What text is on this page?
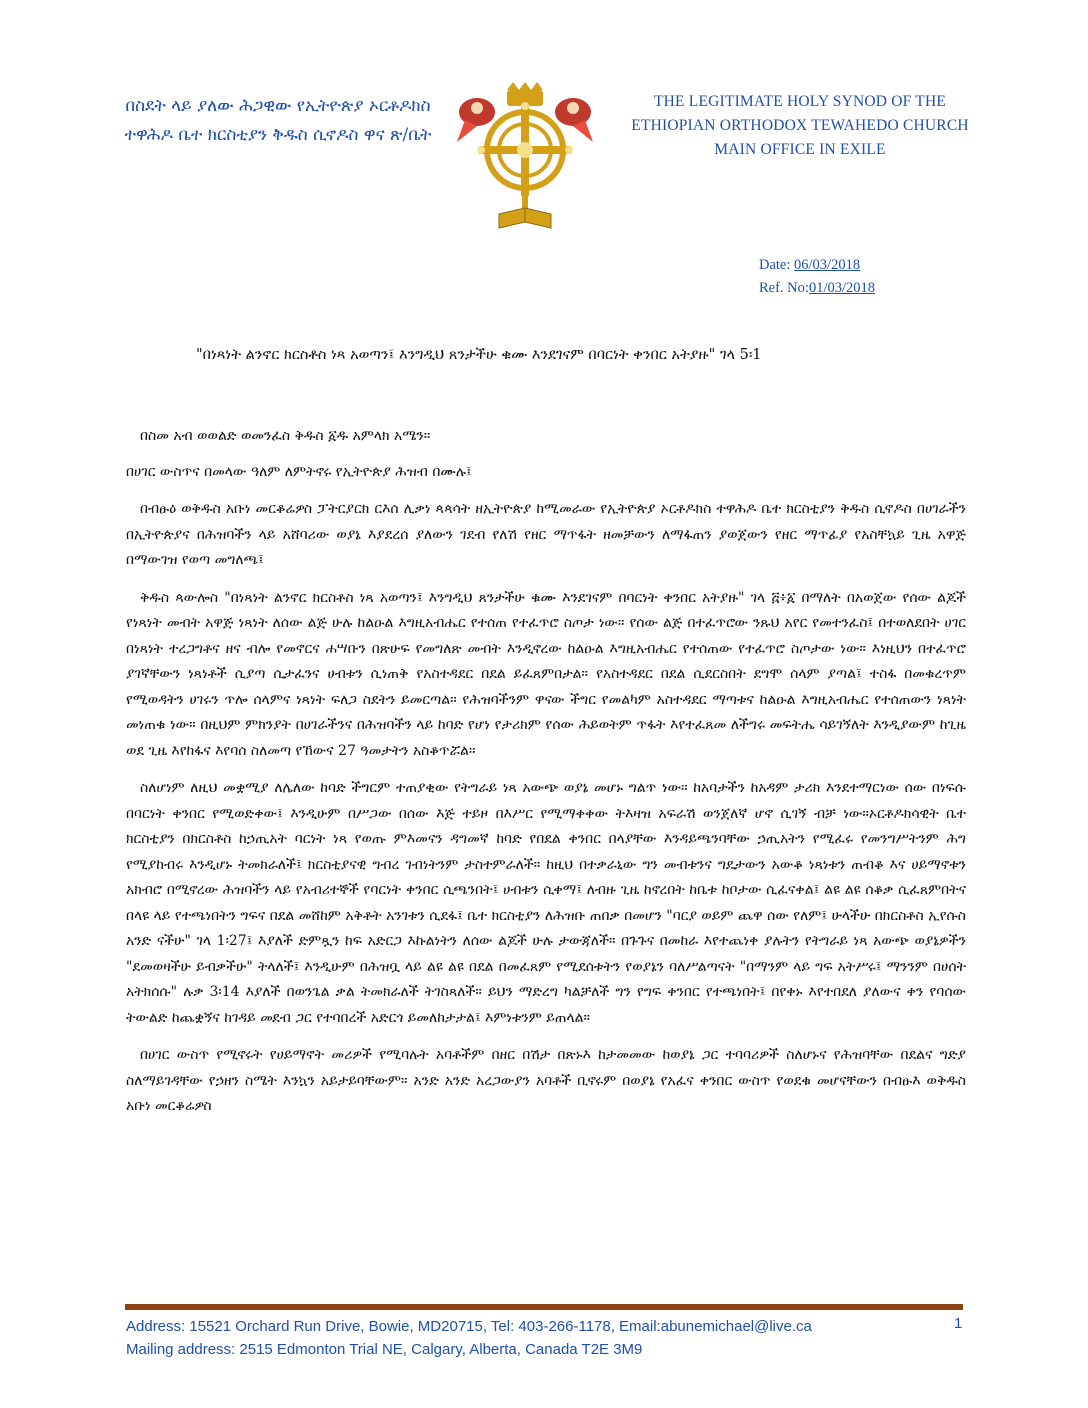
በስደት ላይ ያለው ሕጋዊው የኢትዮጵያ ኦርቶዶክስ
ተዋሕዶ ቤተ ክርስቲያን ቅዱስ ሲኖዶስ ዋና ጽ/ቤት
THE LEGITIMATE HOLY SYNOD OF THE
ETHIOPIAN ORTHODOX TEWAHEDO CHURCH
MAIN OFFICE IN EXILE
Date: 06/03/2018
Ref. No:01/03/2018
"በነጻነት ልንኖር ክርስቶስ ነጻ አወጣን፤ እንግዲህ ጸንታችሁ ቁሙ እንደገናም በባርነት ቀንበር አትያዙ" ገላ 5፡1

በስመ አብ ወወልድ ወመንፈስ ቅዱስ ፩ዱ አምላክ አሜን።

በሀገር ውስጥና በመላው ዓለም ለምትኖሩ የኢትዮጵያ ሕዝብ በሙሉ፤

በብፁዕ ወቅዱስ አቡነ መርቆሬዎስ ፓትርያርክ ርእሰ ሊቃነ ጳጳሳት ዘኢትዮጵያ ከሚመራው የኢትዮጵያ ኦርቶዶክስ ተዋሕዶ ቤተ ክርስቲያን ቅዱስ ሲኖዶስ በሀገራችን በኢትዮጵያና በሕዝባችን ላይ አሸባሪው ወያኔ እያደረሰ ያለውን ገደብ የለሽ የዘር ማጥፋት ዘመቻውን ለማፋጠን ያወጀውን የዘር ማጥፊያ የአስቸኳይ ጊዜ አዋጅ በማውገዝ የወጣ መግለጫ፤

ቅዱስ ጳውሎስ "በነጻነት ልንኖር ክርስቶስ ነጻ አወጣን፤ እንግዲህ ጸንታችሁ ቁሙ እንደገናም በባርነት ቀንበር አትያዙ" ገላ ፭፥፩ በማለት በአወጀው የሰው ልጆች የነጻነት መብት አዋጅ ነጻነት ለሰው ልጅ ሁሉ ከልዑል እግዚአብሔር የተሰጠ የተፈጥሮ ስጦታ ነው። የሰው ልጅ በተፈጥሮው ንጹህ አየር የመተንፈስ፤ በተወለደበት ሀገር በነጻነት ተረጋግቶና ዘና ብሎ የመኖርና ሐሣቡን በጽሁፍ የመግለጽ መብት እንዲኖረው ከልዑል እግዚአብሔር የተሰጠው የተፈጥሮ ስጦታው ነው። እነዚህን በተፈጥሮ ያገኛቸውን ነጻነቶች ሲያጣ ሲታፈንና ሀብቱን ሲነጠቅ የአስተዳደር በደል ይፈጸምበታል። የአስተዳደር በደል ሲደርስበት ደግሞ ሰላም ያጣል፤ ተስፋ በመቁረጥም የሚወዳትን ሀገሩን ጥሎ ሰላምና ነጻነት ፍለጋ ስደትን ይመርጣል። የሕዝባችንም ዋናው ችግር የመልካም አስተዳደር ማጣቱና ከልዑል እግዚአብሔር የተሰጠውን ነጻነት መነጠቁ ነው። በዚህም ምክንያት በሀገራችንና በሕዝባችን ላይ ከባድ የሆነ የታሪክም የሰው ሕይወትም ጥፋት እየተፈጸመ ለችግሩ መፍትሔ ሳይገኝለት እንዲያውም ከጊዜ ወደ ጊዜ እየከፋና እየባሰ ስለመጣ የኸውና 27 ዓመታትን አስቆጥሯል።

ስለሆነም ለዚህ መቋሚያ ለሌለው ከባድ ችግርም ተጠያቂው የትግራይ ነጻ አውጭ ወያኔ መሆኑ ግልጥ ነው። ከአባታችን ከአዳም ታሪክ እንደተማርነው ሰው በነፍሱ በባርነት ቀንበር የሚወድቀው፤ እንዲሁም በሥጋው በሰው እጅ ተይዞ በእሥር የሚማቀቀው ትእዛዝ አፍራሽ ወንጀለኛ ሆኖ ሲገኝ ብቻ ነው።ኦርቶዶክሳዊት ቤተ ክርስቲያን በክርስቶስ ከኃጢአት ባርነት ነጻ የወጡ ምእመናን ዳግመኛ ከባድ የበደል ቀንበር በላያቸው እንዳይጫንባቸው ኃጢአትን የሚፈሩ የመንግሥትንም ሕግ የሚያከብሩ እንዲሆኑ ትመክራለች፤ ክርስቲያናዊ ግብረ ገብነትንም ታስተምራለች። ከዚህ በተቃራኒው ግን መብቱንና ግዴታውን አውቆ ነጻነቱን ጠብቆ እና ሀይማኖቱን አክብሮ በሚኖረው ሕዝባችን ላይ የአብሪተኞች የባርነት ቀንበር ሲጫንበት፤ ሀብቱን ሲቀማ፤ ለብዙ ጊዜ ከኖረበት ከቤቱ ከቦታው ሲፈናቀል፤ ልዩ ልዩ ሰቆቃ ሲፈጸምበትና በላዩ ላይ የተጫነበትን ግፍና በደል መሸከም አቅቶት አንገቱን ሲደፋ፤ ቤተ ክርስቲያን ለሕዝቡ ጠበቃ በመሆን "ባርያ ወይም ጨዋ ሰው የለም፤ ሁላችሁ በክርስቶስ ኢየሱስ አንድ ናችሁ" ገላ 1፡27፤ እያለች ድምጿን ከፍ አድርጋ እኩልነትን ለሰው ልጆች ሁሉ ታውጃለች። በጉጉና በመከራ እየተጨነቀ ያሉትን የትግራይ ነጻ አውጭ ወያኔዎችን "ደመወዛችሁ ይብቃችሁ" ትላለች፤ እንዲሁም በሕዝቧ ላይ ልዩ ልዩ በደል በመፈጸም የሚደሰቱትን የወያኔን ባለሥልጣናት "በማንም ላይ ግፍ አትሥሩ፤ ማንንም በሀሰት አትክሰሱ" ሉቃ 3፡14 እያለች በወንጌል ቃል ትመክራለች ትገስጻለች። ይህን ማድረግ ካልቻለች ግን የግፍ ቀንበር የተጫነበት፤ በየቀኑ እየተበደለ ያለውና ቀን የባሰው ትውልድ ከጨቋኝና ከገዳይ መደብ ጋር የተባበረች አድርጎ ይመለከታታል፤ እምነቱንም ይጠላል።

በሀገር ውስጥ የሚኖሩት የሀይማኖት መሪዎች የሚባሉት አባቶችም በዘር በሽታ በጽኑእ ከታመመው ከወያኔ ጋር ተባባሪዎች ስለሆኑና የሕዝባቸው በደልና ግድያ ስለማይገዳቸው የኃዘን ስሜት እንኳን አይታይባቸውም። አንድ አንድ አረጋውያን አባቶች ቢኖሩም በወያኔ የአፈና ቀንበር ውስጥ የወደቁ መሆናቸውን በብፁእ ወቅዱስ አቡነ መርቆሬዎስ

Address: 15521 Orchard Run Drive, Bowie, MD20715, Tel: 403-266-1178, Email:abunemichael@live.ca
Mailing address: 2515 Edmonton Trial NE, Calgary, Alberta, Canada T2E 3M9
1
